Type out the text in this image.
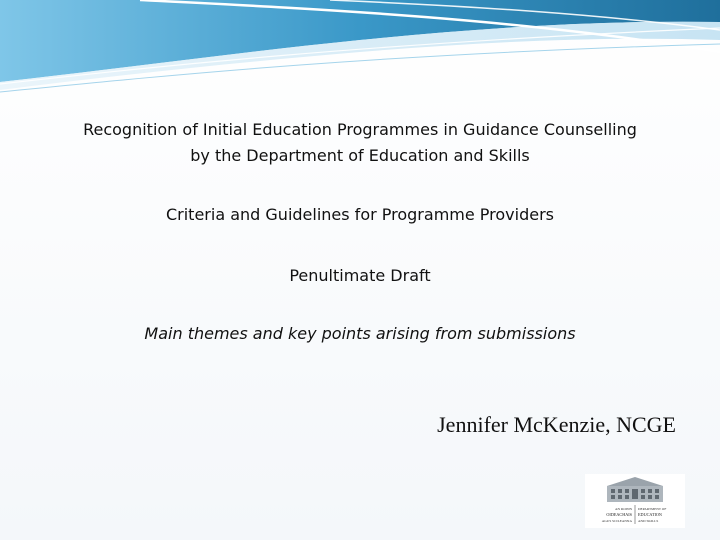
Recognition of Initial Education Programmes in Guidance Counselling
by the Department of Education and Skills
Criteria and Guidelines for Programme Providers
Penultimate Draft
Main themes and key points arising from submissions
Jennifer McKenzie, NCGE
AN ROINN
OIDEACHAIS
AGUS SCILEANNA
DEPARTMENT OF
EDUCATION
AND SKILLS
